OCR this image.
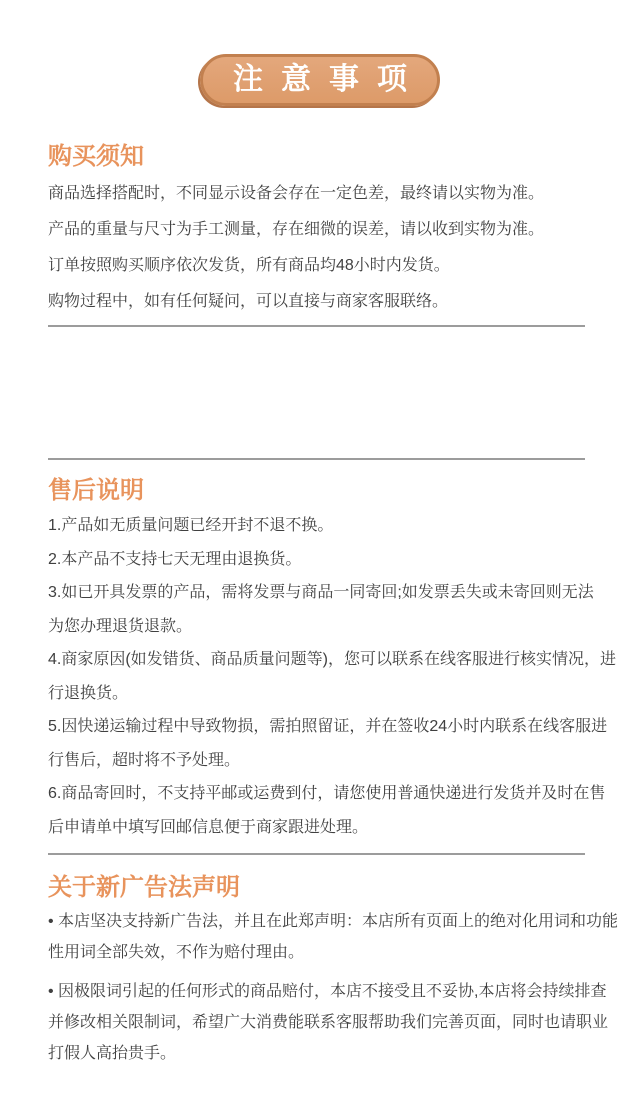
注意事项
购买须知
商品选择搭配时，不同显示设备会存在一定色差，最终请以实物为准。
产品的重量与尺寸为手工测量，存在细微的误差，请以收到实物为准。
订单按照购买顺序依次发货，所有商品均48小时内发货。
购物过程中，如有任何疑问，可以直接与商家客服联络。
售后说明
1.产品如无质量问题已经开封不退不换。
2.本产品不支持七天无理由退换货。
3.如已开具发票的产品，需将发票与商品一同寄回;如发票丢失或未寄回则无法
为您办理退货退款。
4.商家原因(如发错货、商品质量问题等)，您可以联系在线客服进行核实情况，进
行退换货。
5.因快递运输过程中导致物损，需拍照留证，并在签收24小时内联系在线客服进
行售后，超时将不予处理。
6.商品寄回时，不支持平邮或运费到付，请您使用普通快递进行发货并及时在售
后申请单中填写回邮信息便于商家跟进处理。
关于新广告法声明
• 本店坚决支持新广告法，并且在此郑声明：本店所有页面上的绝对化用词和功能
性用词全部失效，不作为赔付理由。
• 因极限词引起的任何形式的商品赔付，本店不接受且不妥协,本店将会持续排查
并修改相关限制词，希望广大消费能联系客服帮助我们完善页面，同时也请职业
打假人高抬贵手。
